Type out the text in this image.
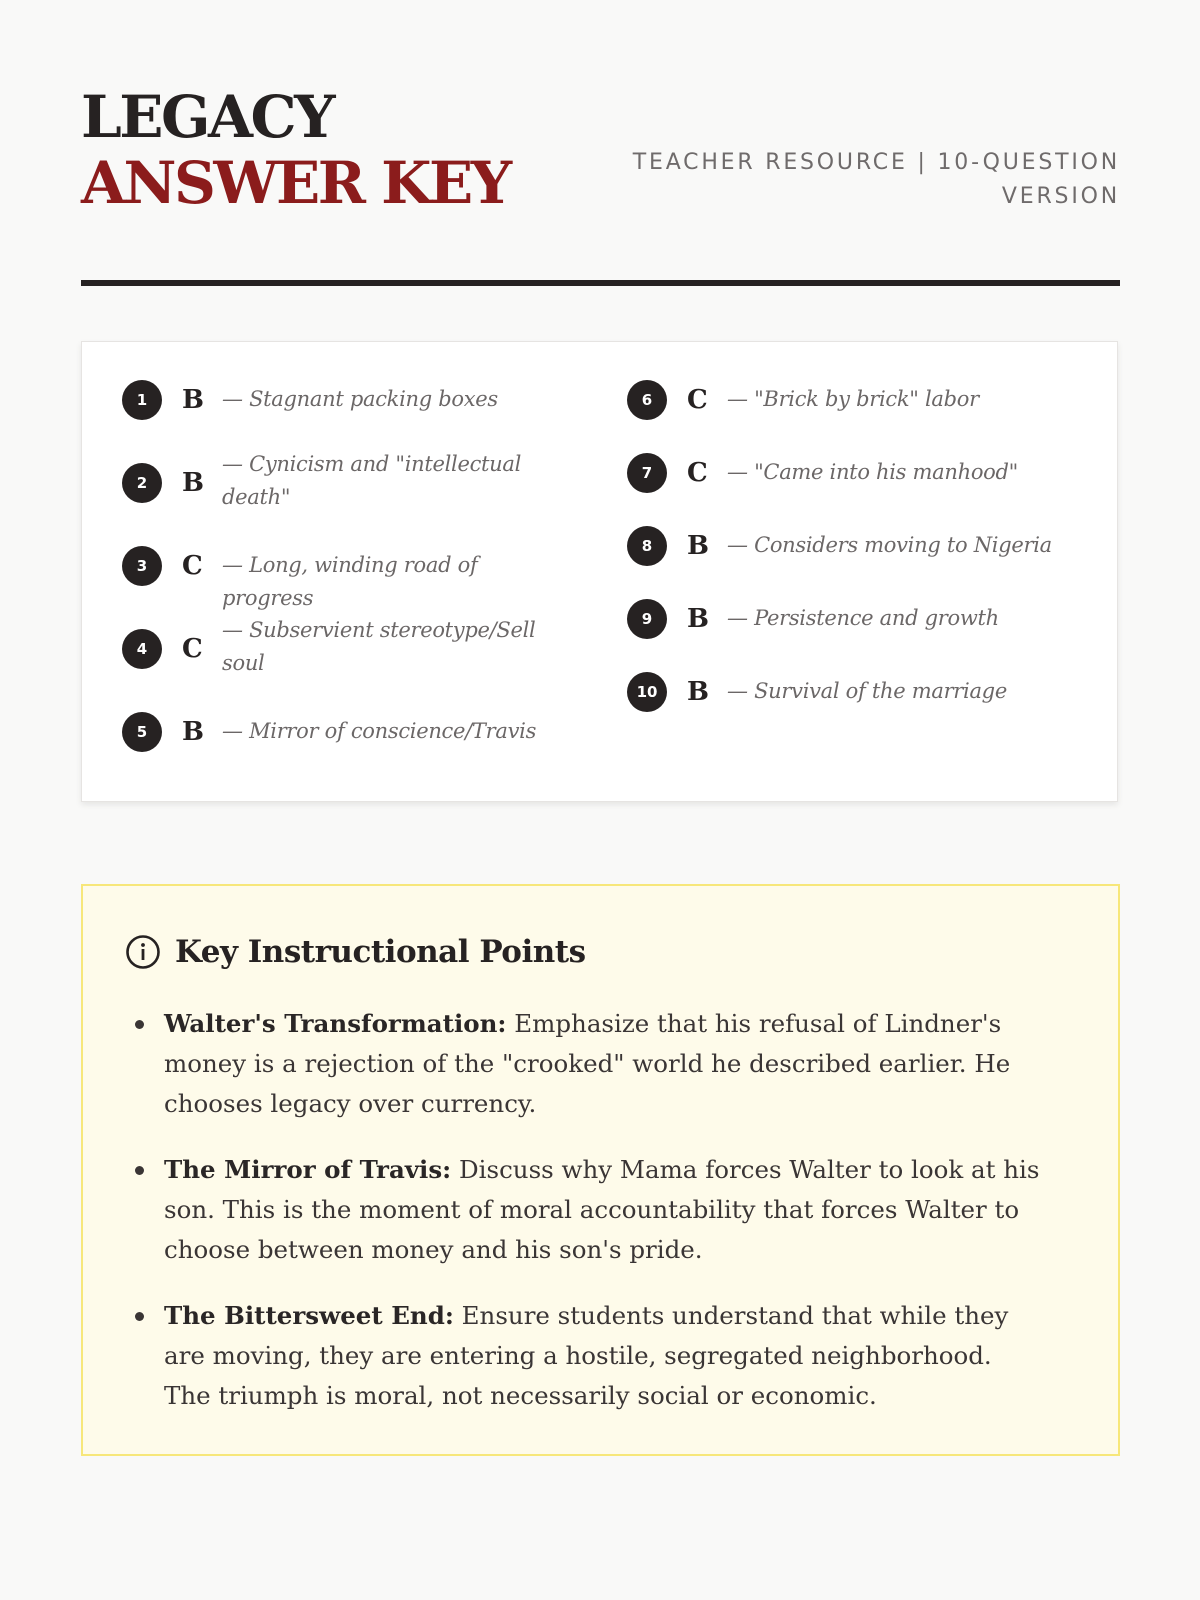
LEGACY ANSWER KEY	TEACHER RESOURCE | 10-QUESTION VERSION
1	B — Stagnant packing boxes
2	B
— Cynicism and "intellectual death"
3	C — Long, winding road of progress
4	C
— Subservient stereotype/Sell soul
5	B — Mirror of conscience/Travis
6	C — "Brick by brick" labor
7	C — "Came into his manhood"
8	B — Considers moving to Nigeria
9	B — Persistence and growth
10	B — Survival of the marriage
Key Instructional Points
Walter's Transformation: Emphasize that his refusal of Lindner's money is a rejection of the "crooked" world he described earlier. He chooses legacy over currency.
The Mirror of Travis: Discuss why Mama forces Walter to look at his son. This is the moment of moral accountability that forces Walter to choose between money and his son's pride.
The Bittersweet End: Ensure students understand that while they are moving, they are entering a hostile, segregated neighborhood. The triumph is moral, not necessarily social or economic.
